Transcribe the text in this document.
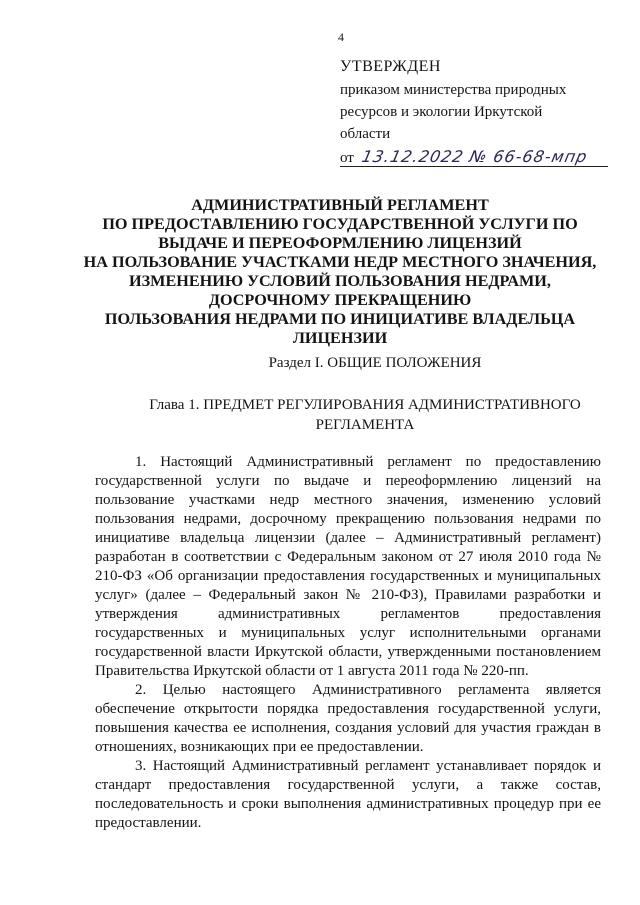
4
УТВЕРЖДЕН
приказом министерства природных
ресурсов и экологии Иркутской
области
от 13.12.2022 № 66-68-мпр
АДМИНИСТРАТИВНЫЙ РЕГЛАМЕНТ
ПО ПРЕДОСТАВЛЕНИЮ ГОСУДАРСТВЕННОЙ УСЛУГИ ПО
ВЫДАЧЕ И ПЕРЕОФОРМЛЕНИЮ ЛИЦЕНЗИЙ
НА ПОЛЬЗОВАНИЕ УЧАСТКАМИ НЕДР МЕСТНОГО ЗНАЧЕНИЯ,
ИЗМЕНЕНИЮ УСЛОВИЙ ПОЛЬЗОВАНИЯ НЕДРАМИ,
ДОСРОЧНОМУ ПРЕКРАЩЕНИЮ
ПОЛЬЗОВАНИЯ НЕДРАМИ ПО ИНИЦИАТИВЕ ВЛАДЕЛЬЦА
ЛИЦЕНЗИИ
Раздел I. ОБЩИЕ ПОЛОЖЕНИЯ
Глава 1. ПРЕДМЕТ РЕГУЛИРОВАНИЯ АДМИНИСТРАТИВНОГО РЕГЛАМЕНТА

1. Настоящий Административный регламент по предоставлению государственной услуги по выдаче и переоформлению лицензий на пользование участками недр местного значения, изменению условий пользования недрами, досрочному прекращению пользования недрами по инициативе владельца лицензии (далее – Административный регламент) разработан в соответствии с Федеральным законом от 27 июля 2010 года № 210-ФЗ «Об организации предоставления государственных и муниципальных услуг» (далее – Федеральный закон № 210-ФЗ), Правилами разработки и утверждения административных регламентов предоставления государственных и муниципальных услуг исполнительными органами государственной власти Иркутской области, утвержденными постановлением Правительства Иркутской области от 1 августа 2011 года № 220-пп.

2. Целью настоящего Административного регламента является обеспечение открытости порядка предоставления государственной услуги, повышения качества ее исполнения, создания условий для участия граждан в отношениях, возникающих при ее предоставлении.

3. Настоящий Административный регламент устанавливает порядок и стандарт предоставления государственной услуги, а также состав, последовательность и сроки выполнения административных процедур при ее предоставлении.
